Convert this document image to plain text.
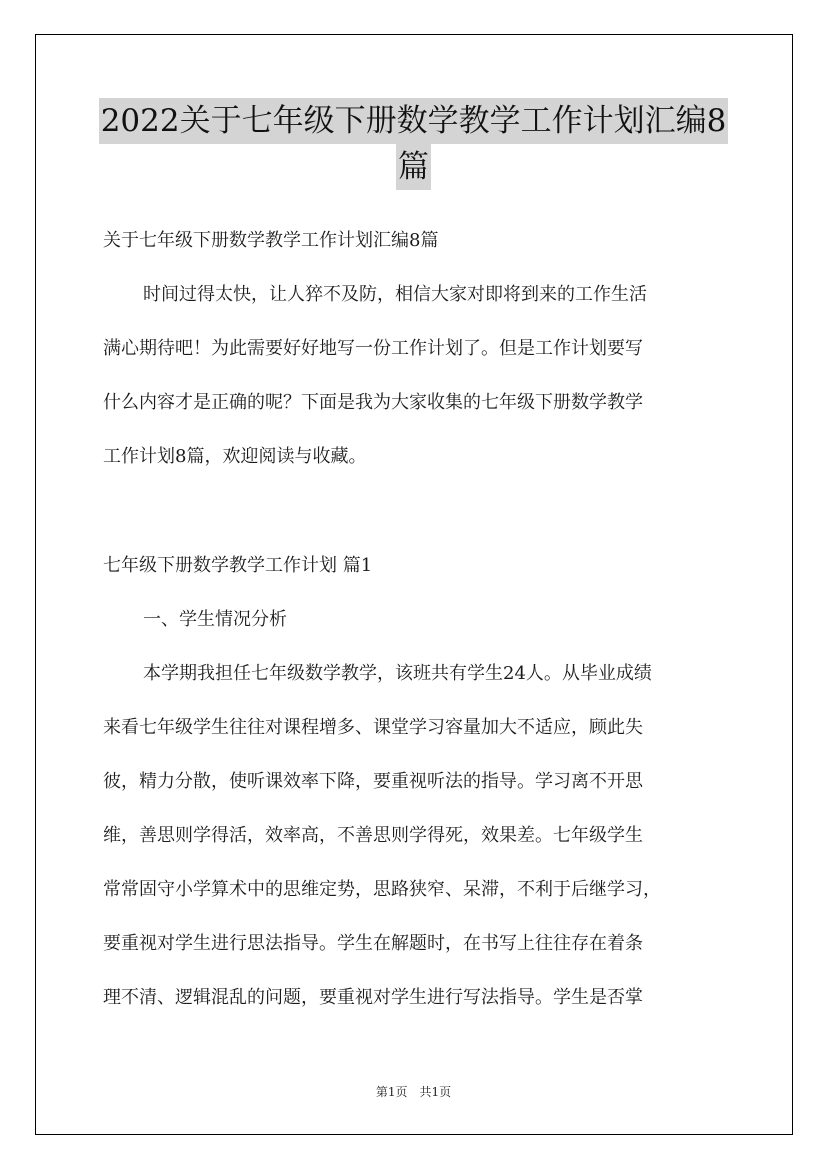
2022关于七年级下册数学教学工作计划汇编8
篇
关于七年级下册数学教学工作计划汇编8篇
时间过得太快，让人猝不及防，相信大家对即将到来的工作生活
满心期待吧！为此需要好好地写一份工作计划了。但是工作计划要写
什么内容才是正确的呢？下面是我为大家收集的七年级下册数学教学
工作计划8篇，欢迎阅读与收藏。
七年级下册数学教学工作计划 篇1
一、学生情况分析
本学期我担任七年级数学教学，该班共有学生24人。从毕业成绩
来看七年级学生往往对课程增多、课堂学习容量加大不适应，顾此失
彼，精力分散，使听课效率下降，要重视听法的指导。学习离不开思
维，善思则学得活，效率高，不善思则学得死，效果差。七年级学生
常常固守小学算术中的思维定势，思路狭窄、呆滞，不利于后继学习，
要重视对学生进行思法指导。学生在解题时，在书写上往往存在着条
理不清、逻辑混乱的问题，要重视对学生进行写法指导。学生是否掌
第1页　共1页
